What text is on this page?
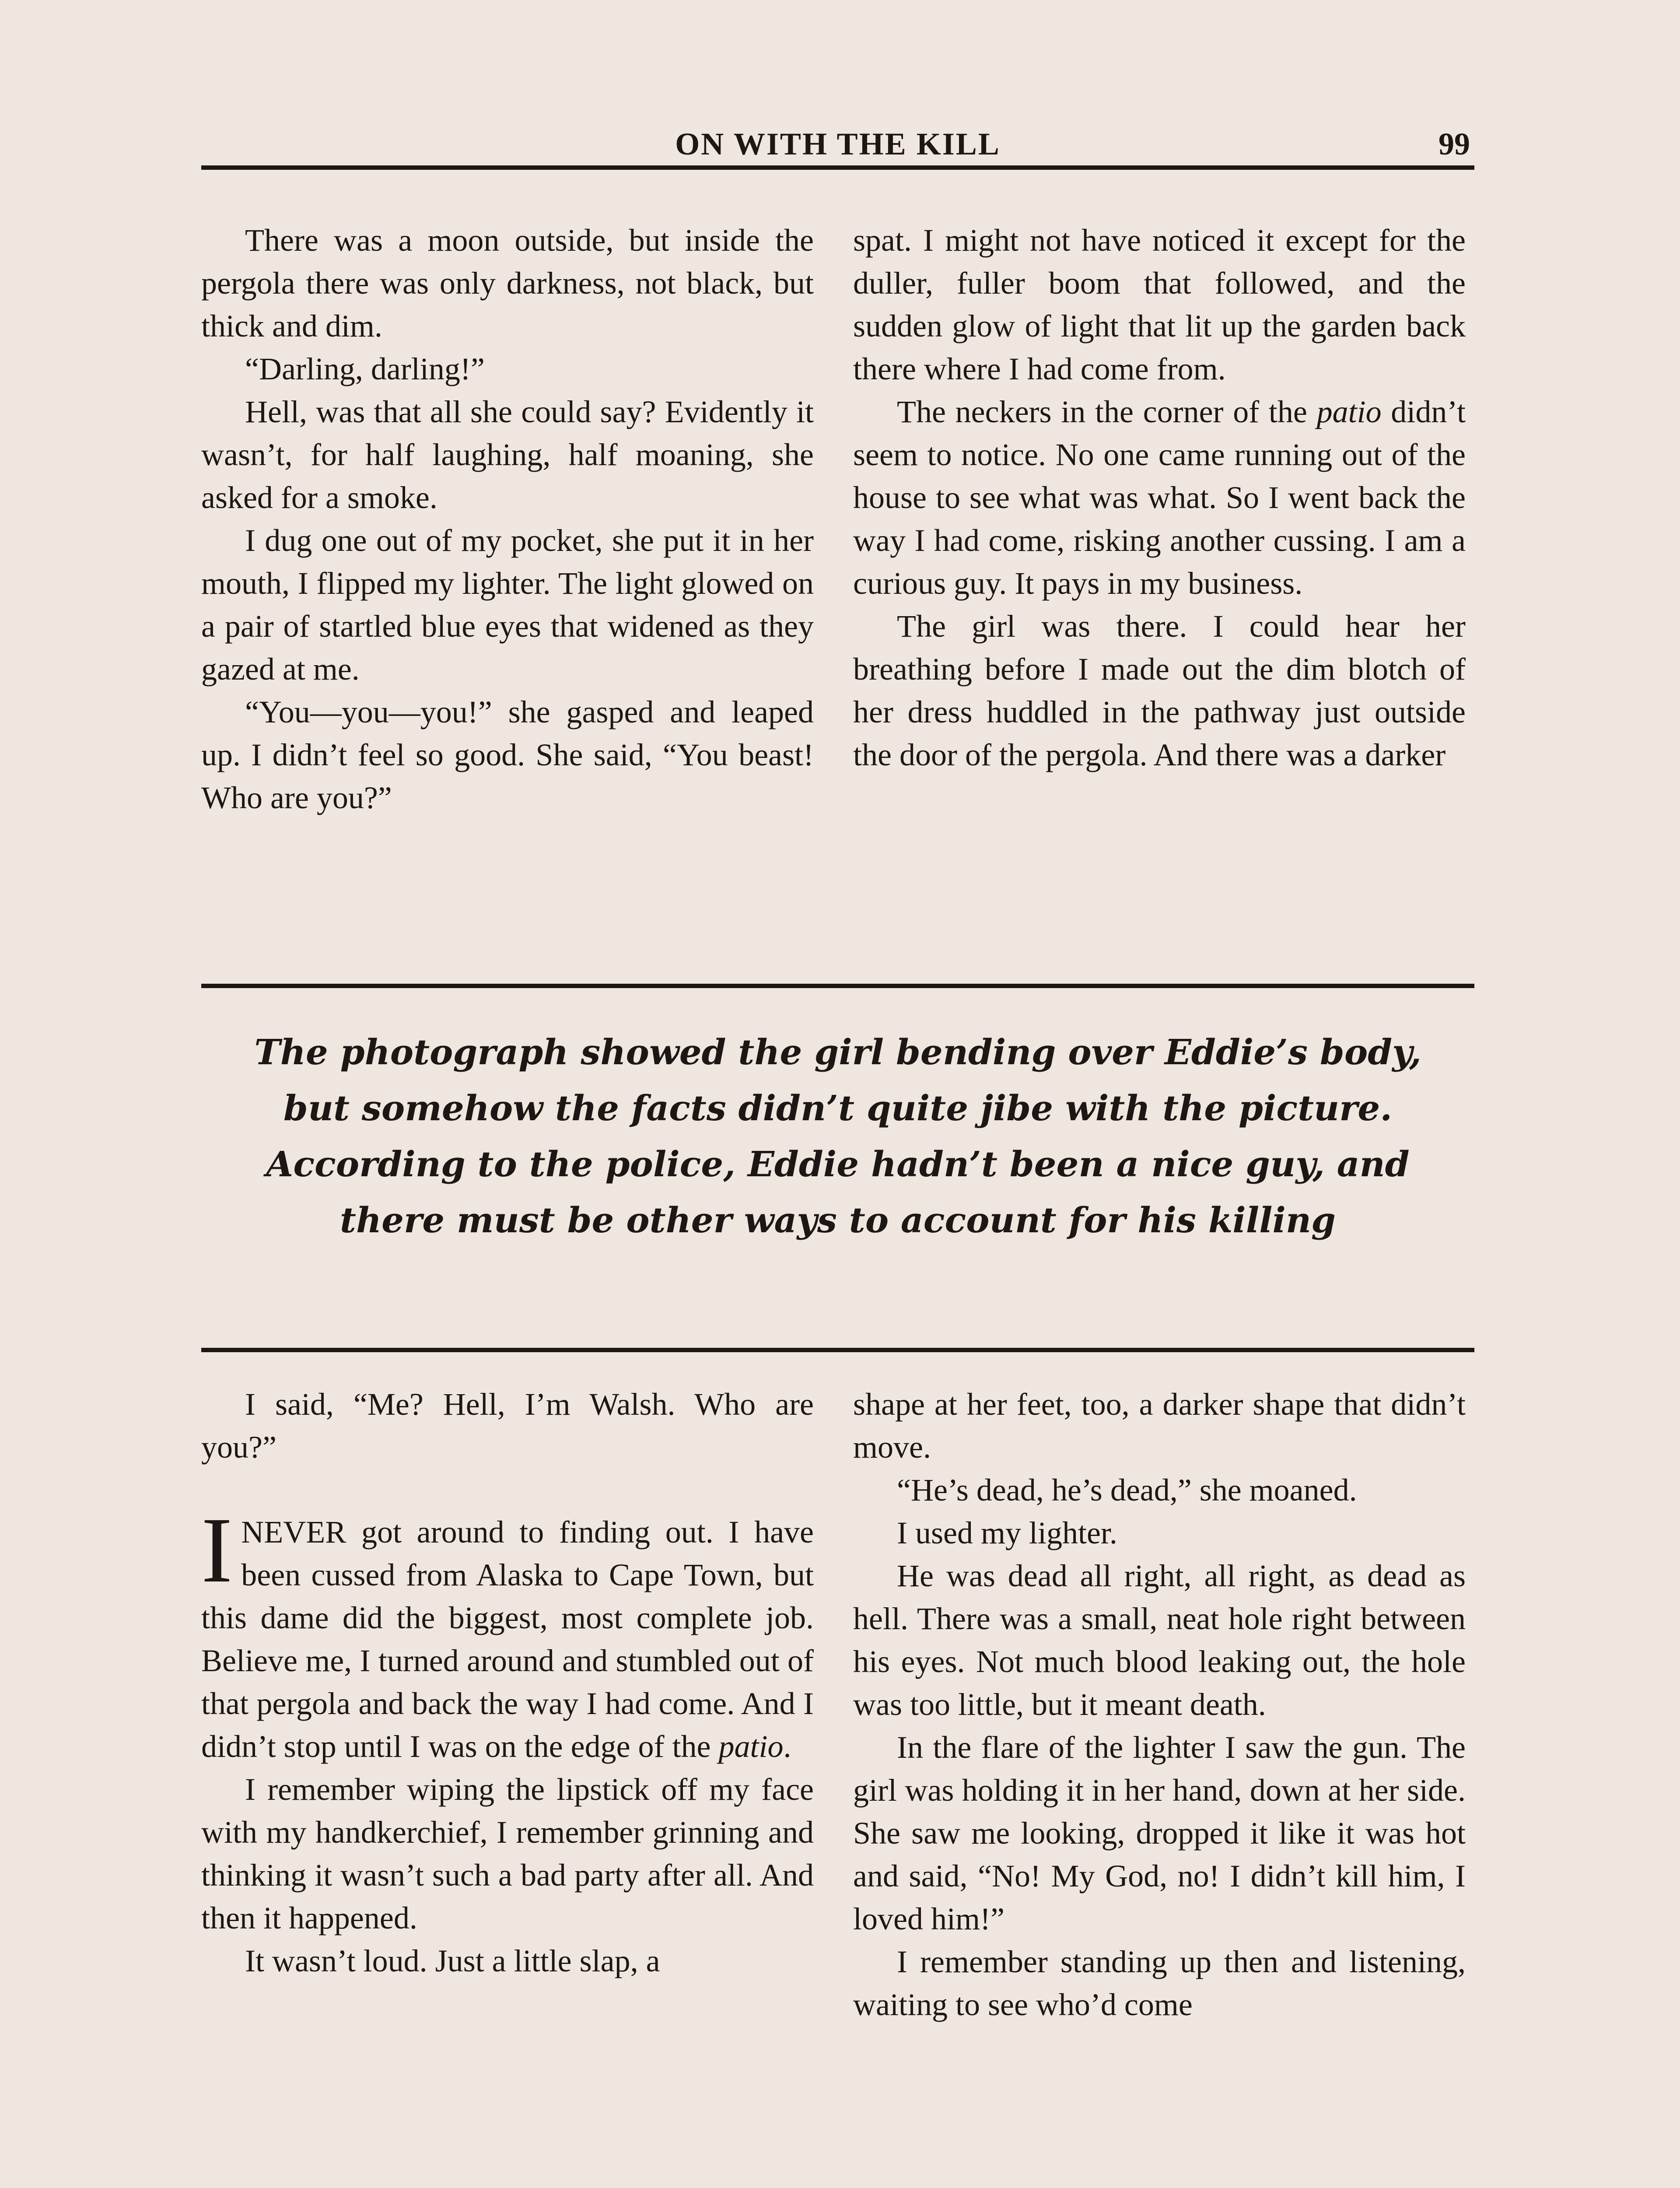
ON WITH THE KILL	99

There was a moon outside, but inside the pergola there was only darkness, not black, but thick and dim.

“Darling, darling!”

Hell, was that all she could say? Evidently it wasn’t, for half laughing, half moaning, she asked for a smoke.

I dug one out of my pocket, she put it in her mouth, I flipped my lighter. The light glowed on a pair of startled blue eyes that widened as they gazed at me.

“You—you—you!” she gasped and leaped up. I didn’t feel so good. She said, “You beast! Who are you?”

spat. I might not have noticed it except for the duller, fuller boom that followed, and the sudden glow of light that lit up the garden back there where I had come from.

The neckers in the corner of the patio didn’t seem to notice. No one came running out of the house to see what was what. So I went back the way I had come, risking another cussing. I am a curious guy. It pays in my business.

The girl was there. I could hear her breathing before I made out the dim blotch of her dress huddled in the pathway just outside the door of the pergola. And there was a darker

The photograph showed the girl bending over Eddie’s body, but somehow the facts didn’t quite jibe with the picture. According to the police, Eddie hadn’t been a nice guy, and there must be other ways to account for his killing

I said, “Me? Hell, I’m Walsh. Who are you?”

INEVER got around to finding out. I have been cussed from Alaska to Cape Town, but this dame did the biggest, most complete job. Believe me, I turned around and stumbled out of that pergola and back the way I had come. And I didn’t stop until I was on the edge of the patio.

I remember wiping the lipstick off my face with my handkerchief, I remember grinning and thinking it wasn’t such a bad party after all. And then it happened.

It wasn’t loud. Just a little slap, a

shape at her feet, too, a darker shape that didn’t move.

“He’s dead, he’s dead,” she moaned.

I used my lighter.

He was dead all right, all right, as dead as hell. There was a small, neat hole right between his eyes. Not much blood leaking out, the hole was too little, but it meant death.

In the flare of the lighter I saw the gun. The girl was holding it in her hand, down at her side. She saw me looking, dropped it like it was hot and said, “No! My God, no! I didn’t kill him, I loved him!”

I remember standing up then and listening, waiting to see who’d come
